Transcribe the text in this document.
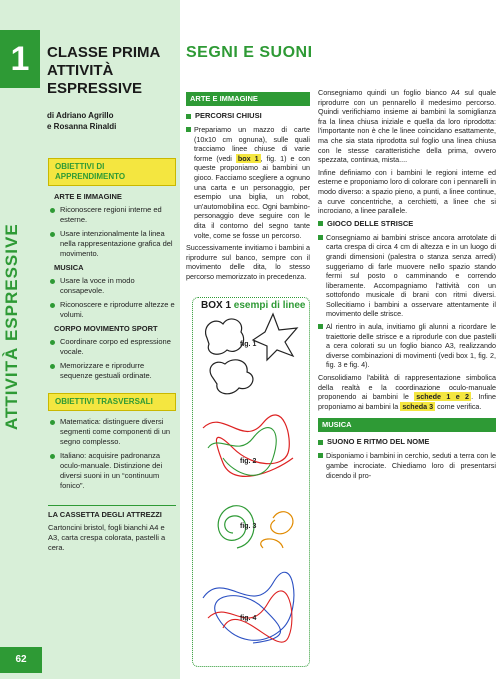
1	CLASSE PRIMA
ATTIVITÀ
ESPRESSIVE
di Adriano Agrillo
e Rosanna Rinaldi
ATTIVITÀ ESPRESSIVE
OBIETTIVI DI APPRENDIMENTO
ARTE E IMMAGINE
Riconoscere regioni interne ed esterne.
Usare intenzionalmente la linea nella rappresentazione grafica del movimento.
MUSICA
Usare la voce in modo consapevole.
Riconoscere e riprodurre altezze e volumi.
CORPO MOVIMENTO SPORT
Coordinare corpo ed espressione vocale.
Memorizzare e riprodurre sequenze gestuali ordinate.
OBIETTIVI TRASVERSALI
Matematica: distinguere diversi segmenti come componenti di un segno complesso.
Italiano: acquisire padronanza oculo-manuale. Distinzione dei diversi suoni in un “continuum fonico”.
LA CASSETTA DEGLI ATTREZZI
Cartoncini bristol, fogli bianchi A4 e A3, carta crespa colorata, pastelli a cera.
62
SEGNI E SUONI
ARTE E IMMAGINE
PERCORSI CHIUSI
Prepariamo un mazzo di carte (10x10 cm ognuna), sulle quali tracciamo linee chiuse di varie forme (vedi box 1 , fig. 1) e con queste proponiamo ai bambini un gioco. Facciamo scegliere a ognuno una carta e un personaggio, per esempio una biglia, un robot, un'automobilina ecc. Ogni bambino-personaggio deve seguire con le dita il contorno del segno tante volte, come se fosse un percorso.
Successivamente invitiamo i bambini a riprodurre sul banco, sempre con il movimento delle dita, lo stesso percorso memorizzato in precedenza.
BOX 1 esempi di linee
fig. 1
fig. 2
fig. 3
fig. 4
Consegniamo quindi un foglio bianco A4 sul quale riprodurre con un pennarello il medesimo percorso. Quindi verifichiamo insieme ai bambini la somiglianza fra la linea chiusa iniziale e quella da loro riprodotta: l'importante non è che le linee coincidano esattamente, ma che sia stata riprodotta sul foglio una linea chiusa con le stesse caratteristiche della prima, ovvero spezzata, continua, mista....
Infine definiamo con i bambini le regioni interne ed esterne e proponiamo loro di colorare con i pennarelli in modo diverso: a spazio pieno, a punti, a linee continue, a curve concentriche, a cerchietti, a linee che si incrociano, a linee parallele.
GIOCO DELLE STRISCE
Consegniamo ai bambini strisce ancora arrotolate di carta crespa di circa 4 cm di altezza e in un luogo di grandi dimensioni (palestra o stanza senza arredi) suggeriamo di farle muovere nello spazio stando fermi sul posto o camminando e correndo liberamente. Accompagniamo l'attività con un sottofondo musicale di brani con ritmi diversi. Sollecitiamo i bambini a osservare attentamente il movimento delle strisce.
Al rientro in aula, invitiamo gli alunni a ricordare le traiettorie delle strisce e a riprodurle con due pastelli a cera colorati su un foglio bianco A3, realizzando diverse combinazioni di movimenti (vedi box 1, fig. 2, fig. 3 e fig. 4).
Consolidiamo l'abilità di rappresentazione simbolica della realtà e la coordinazione oculo-manuale proponendo ai bambini le schede 1 e 2 . Infine proponiamo ai bambini la scheda 3 come verifica.
MUSICA
SUONO E RITMO DEL NOME
Disponiamo i bambini in cerchio, seduti a terra con le gambe incrociate. Chiediamo loro di presentarsi dicendo il pro-
